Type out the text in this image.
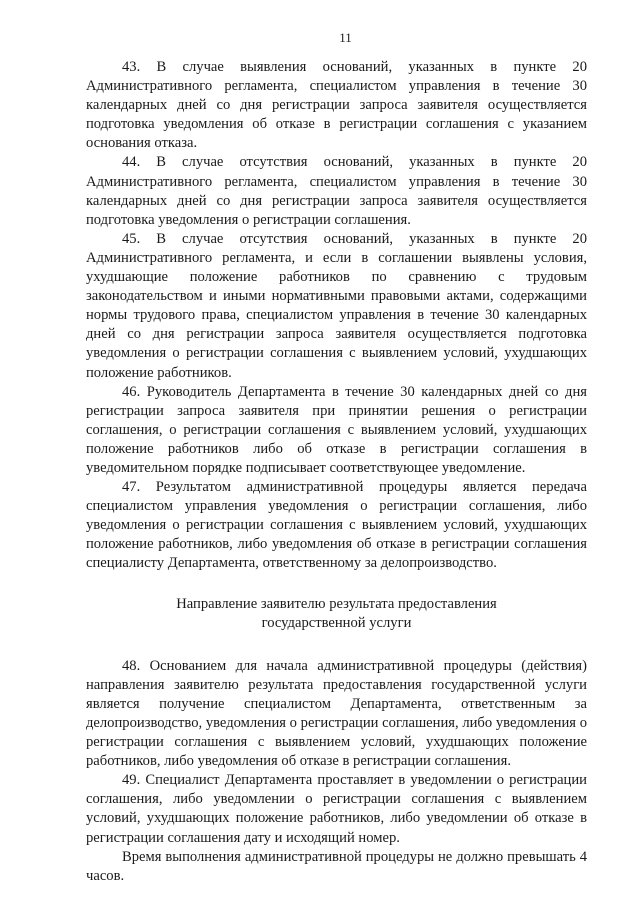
11

43. В случае выявления оснований, указанных в пункте 20 Административного регламента, специалистом управления в течение 30 календарных дней со дня регистрации запроса заявителя осуществляется подготовка уведомления об отказе в регистрации соглашения с указанием основания отказа.

44. В случае отсутствия оснований, указанных в пункте 20 Административного регламента, специалистом управления в течение 30 календарных дней со дня регистрации запроса заявителя осуществляется подготовка уведомления о регистрации соглашения.

45. В случае отсутствия оснований, указанных в пункте 20 Административного регламента, и если в соглашении выявлены условия, ухудшающие положение работников по сравнению с трудовым законодательством и иными нормативными правовыми актами, содержащими нормы трудового права, специалистом управления в течение 30 календарных дней со дня регистрации запроса заявителя осуществляется подготовка уведомления о регистрации соглашения с выявлением условий, ухудшающих положение работников.

46. Руководитель Департамента в течение 30 календарных дней со дня регистрации запроса заявителя при принятии решения о регистрации соглашения, о регистрации соглашения с выявлением условий, ухудшающих положение работников либо об отказе в регистрации соглашения в уведомительном порядке подписывает соответствующее уведомление.

47. Результатом административной процедуры является передача специалистом управления уведомления о регистрации соглашения, либо уведомления о регистрации соглашения с выявлением условий, ухудшающих положение работников, либо уведомления об отказе в регистрации соглашения специалисту Департамента, ответственному за делопроизводство.

Направление заявителю результата предоставления
государственной услуги

48. Основанием для начала административной процедуры (действия) направления заявителю результата предоставления государственной услуги является получение специалистом Департамента, ответственным за делопроизводство, уведомления о регистрации соглашения, либо уведомления о регистрации соглашения с выявлением условий, ухудшающих положение работников, либо уведомления об отказе в регистрации соглашения.

49. Специалист Департамента проставляет в уведомлении о регистрации соглашения, либо уведомлении о регистрации соглашения с выявлением условий, ухудшающих положение работников, либо уведомлении об отказе в регистрации соглашения дату и исходящий номер.

Время выполнения административной процедуры не должно превышать 4 часов.
